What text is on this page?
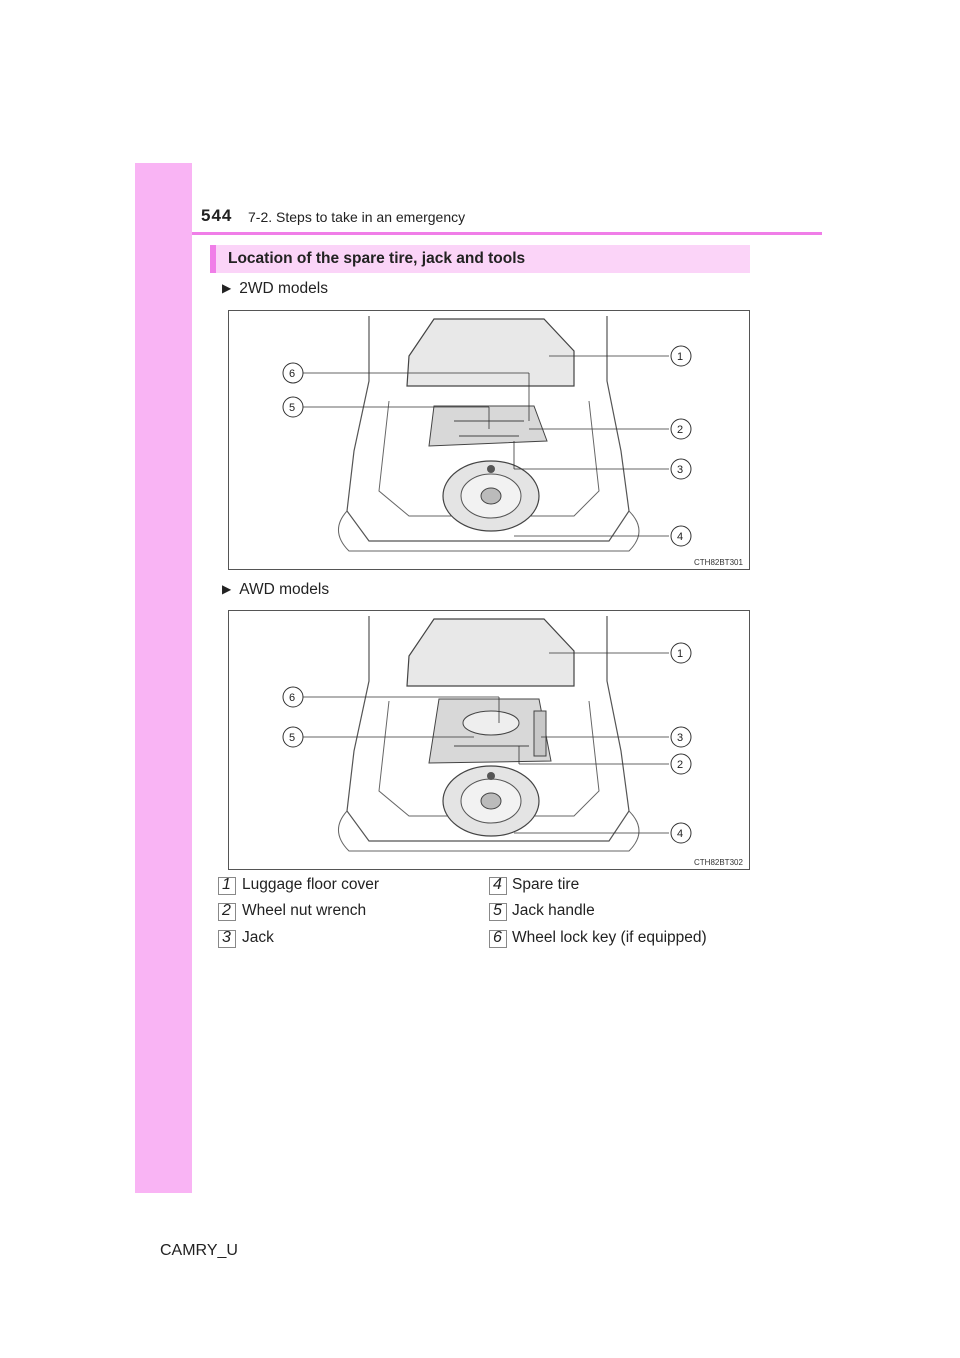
544 7-2. Steps to take in an emergency
Location of the spare tire, jack and tools
▶ 2WD models
1
2
3
4
6
5
CTH82BT301
▶ AWD models
1
3
2
4
6
5
CTH82BT302
1 Luggage floor cover
2 Wheel nut wrench
3 Jack
4 Spare tire
5 Jack handle
6 Wheel lock key (if equipped)
CAMRY_U
